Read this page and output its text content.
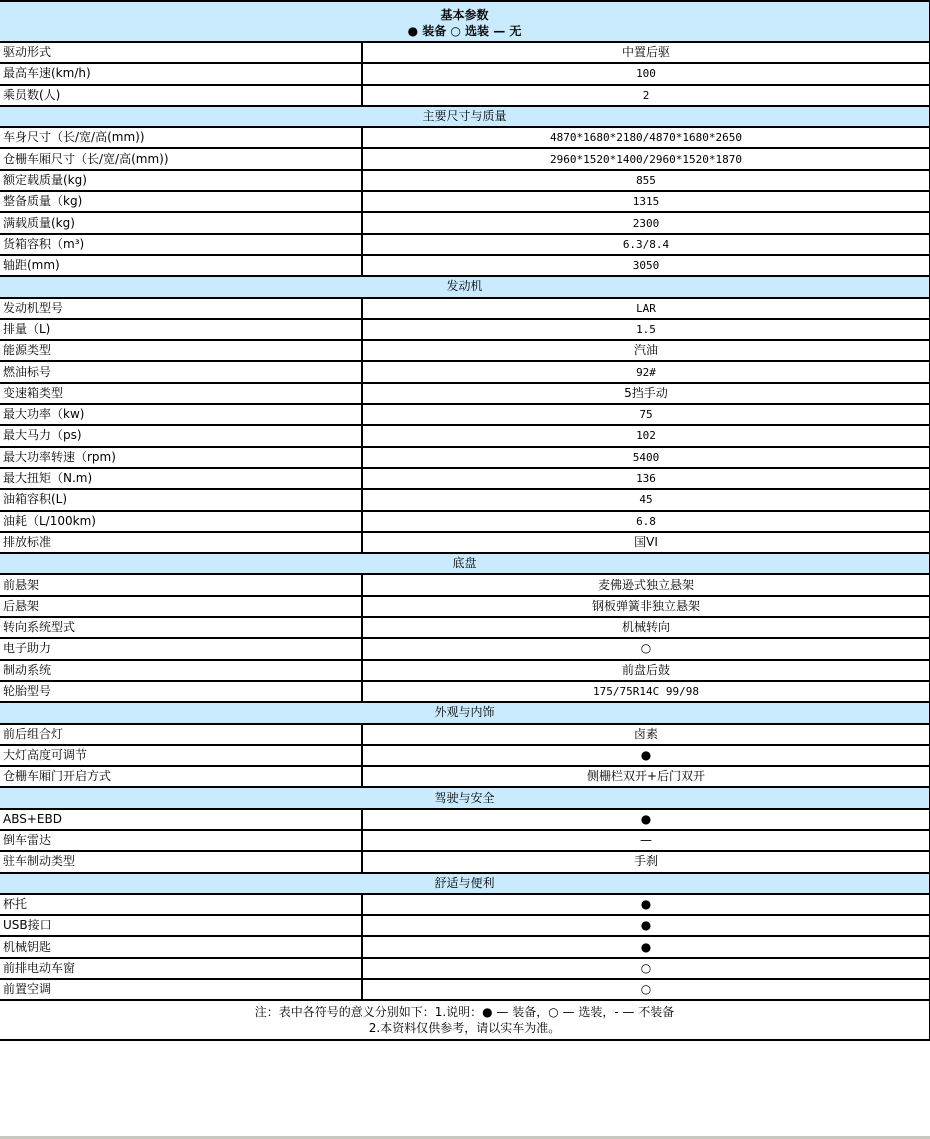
基本参数
● 装备 ○ 选装 — 无	

驱动形式	中置后驱
最高车速(km/h)	100
乘员数(人)	2
主要尺寸与质量	
车身尺寸（长/宽/高(mm))	4870*1680*2180/4870*1680*2650
仓栅车厢尺寸（长/宽/高(mm))	2960*1520*1400/2960*1520*1870
额定载质量(kg)	855
整备质量（kg)	1315
满载质量(kg)	2300
货箱容积（m³)	6.3/8.4
轴距(mm)	3050
发动机	
发动机型号	LAR
排量（L)	1.5
能源类型	汽油
燃油标号	92#
变速箱类型	5挡手动
最大功率（kw)	75
最大马力（ps)	102
最大功率转速（rpm)	5400
最大扭矩（N.m)	136
油箱容积(L)	45
油耗（L/100km)	6.8
排放标准	国VI
底盘	
前悬架	麦佛逊式独立悬架
后悬架	钢板弹簧非独立悬架
转向系统型式	机械转向
电子助力	○
制动系统	前盘后鼓
轮胎型号	175/75R14C 99/98
外观与内饰	
前后组合灯	卤素
大灯高度可调节	●
仓栅车厢门开启方式	侧栅栏双开+后门双开
驾驶与安全	
ABS+EBD	●
倒车雷达	—
驻车制动类型	手刹
舒适与便利	
杯托	●
USB接口	●
机械钥匙	●
前排电动车窗	○
前置空调	○

注：表中各符号的意义分别如下：1.说明：● — 装备，○ — 选装，- — 不装备
2.本资料仅供参考，请以实车为准。	
